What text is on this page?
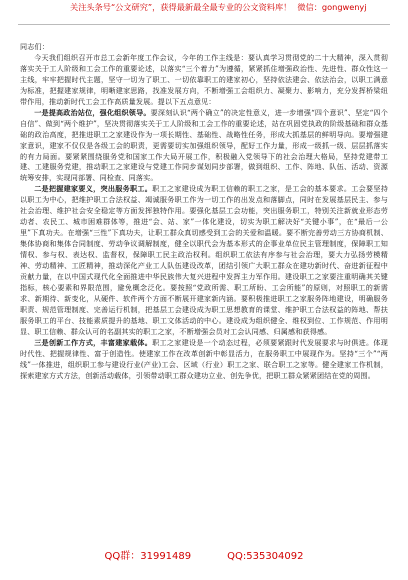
关注头条号“公文研究”，获得最新最全最专业的公文资料库！ 微信：gongwenyj

同志们：

今天我们组织召开市总工会新年度工作会议，今年的工作主线是：要认真学习贯彻党的二十大精神，深入贯彻落实关于工人阶级和工会工作的重要论述，以落实“三个着力”为遵循，紧紧抓住增强政治性、先进性、群众性这一主线，牢牢把握时代主题，坚守一切为了职工、一切依靠职工的建家初心，坚持依法建会、依法治会，以职工满意为标准，把握建家规律，明晰建家思路，找准发展方向，不断增强工会组织力、凝聚力、影响力，充分发挥桥梁纽带作用，推动新时代工会工作高质量发展。提以下五点意见：

一是提高政治站位，强化组织领导。要深刻认识“两个确立”的决定性意义，进一步增强“四个意识”、坚定“四个自信”、做到“两个维护”，坚决贯彻落实关于工人阶级和工会工作的重要论述，站在巩固党执政的阶级基础和群众基础的政治高度，把推进职工之家建设作为一项长期性、基础性、战略性任务，形成大抓基层的鲜明导向。要增强建家意识，建家不仅仅是各级工会的职责，更需要切实加强组织领导，配好工作力量，形成一级抓一级、层层抓落实的有力局面。要紧紧围绕服务党和国家工作大局开展工作，积极融入党领导下的社会治理大格局，坚持党建带工建、工建服务党建，推动职工之家建设与党建工作同步谋划同步部署，做到组织、工作、阵地、队伍、活动、资源统筹安排，实现同部署、同检查、同落实。

二是把握建家要义，突出服务职工。职工之家建设成为职工信赖的职工之家，是工会的基本要求。工会要坚持以职工为中心，把维护职工合法权益、竭诚服务职工作为一切工作的出发点和落脚点，同时在发展基层民主、参与社会治理、维护社会安全稳定等方面发挥独特作用。要强化基层工会功能，突出服务职工，特别关注新就业形态劳动者、农民工、城市困难群体等，推进“会、站、家”一体化建设，切实为职工解决好“关键小事”，在“最后一公里”下真功夫。在增强“三性”下真功夫，让职工群众真切感受到工会的关爱和温暖。要不断完善劳动三方协商机制、集体协商和集体合同制度、劳动争议调解制度，健全以职代会为基本形式的企事业单位民主管理制度，保障职工知情权、参与权、表达权、监督权，保障职工民主政治权利。组织职工依法有序参与社会治理，要大力弘扬劳模精神、劳动精神、工匠精神，推动深化产业工人队伍建设改革，团结引领广大职工群众在建功新时代、奋进新征程中贡献力量，在以中国式现代化全面推进中华民族伟大复兴进程中发挥主力军作用。建设职工之家要注重明确其关键指标，核心要素和界限范围，避免概念泛化。要按照“党政所需、职工所盼、工会所能”的原则，对照职工的新需求、新期待、新变化，从硬件、软件两个方面不断展开建家新内涵。要积极推进职工之家服务阵地建设，明确服务职责、规范管理制度、完善运行机制，把基层工会建设成为职工思想教育的课堂、维护职工合法权益的阵地、帮扶服务职工的平台、技能素质提升的基地、职工文体活动的中心。建设成为组织健全、维权到位、工作规范、作用明显、职工信赖、群众认可的名副其实的职工之家，不断增强会员对工会认同感、归属感和获得感。

三是创新工作方式，丰富建家载体。职工之家建设是一个动态过程，必须要紧跟时代发展要求与时俱进。体现时代性、把握规律性、富于创造性。使建家工作在改革创新中彰显活力，在服务职工中展现作为。坚持“三个”“两线”一体推进，组织职工参与建设行业(产业)工会、区域（行业）职工之家、联合职工之家等。健全建家工作机制，探索建家方式方法，创新活动载体，引领带动职工群众建功立业、创先争优，把职工群众紧紧团结在党的周围。

QQ群：31991489	QQ:535304092
